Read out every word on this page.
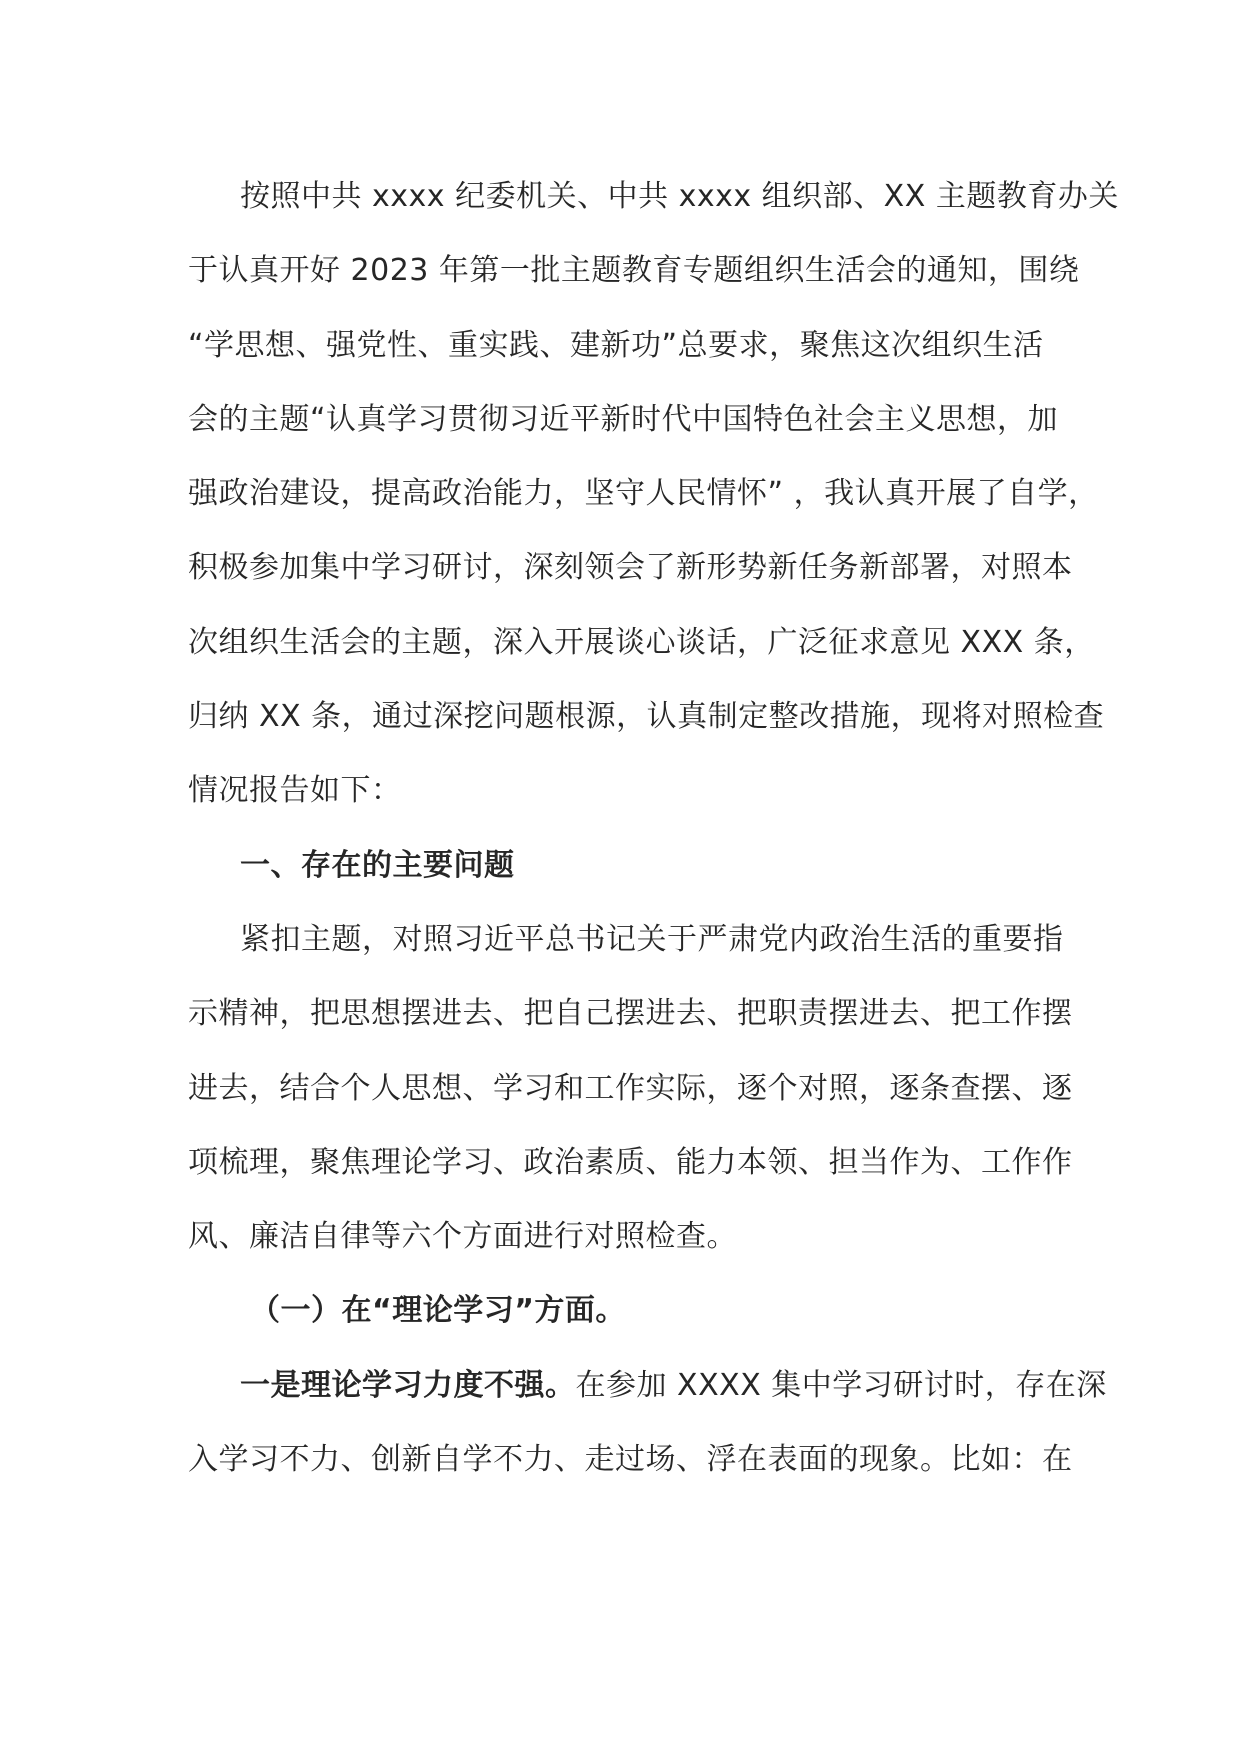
按照中共 xxxx 纪委机关、中共 xxxx 组织部、XX 主题教育办关
于认真开好 2023 年第一批主题教育专题组织生活会的通知，围绕
“学思想、强党性、重实践、建新功”总要求，聚焦这次组织生活
会的主题“认真学习贯彻习近平新时代中国特色社会主义思想，加
强政治建设，提高政治能力，坚守人民情怀” ，我认真开展了自学，
积极参加集中学习研讨，深刻领会了新形势新任务新部署，对照本
次组织生活会的主题，深入开展谈心谈话，广泛征求意见 XXX 条，
归纳 XX 条，通过深挖问题根源，认真制定整改措施，现将对照检查
情况报告如下：
一、存在的主要问题
紧扣主题，对照习近平总书记关于严肃党内政治生活的重要指
示精神，把思想摆进去、把自己摆进去、把职责摆进去、把工作摆
进去，结合个人思想、学习和工作实际，逐个对照，逐条查摆、逐
项梳理，聚焦理论学习、政治素质、能力本领、担当作为、工作作
风、廉洁自律等六个方面进行对照检查。
（一）在“理论学习”方面。
一是理论学习力度不强。在参加 XXXX 集中学习研讨时，存在深
入学习不力、创新自学不力、走过场、浮在表面的现象。比如：在
